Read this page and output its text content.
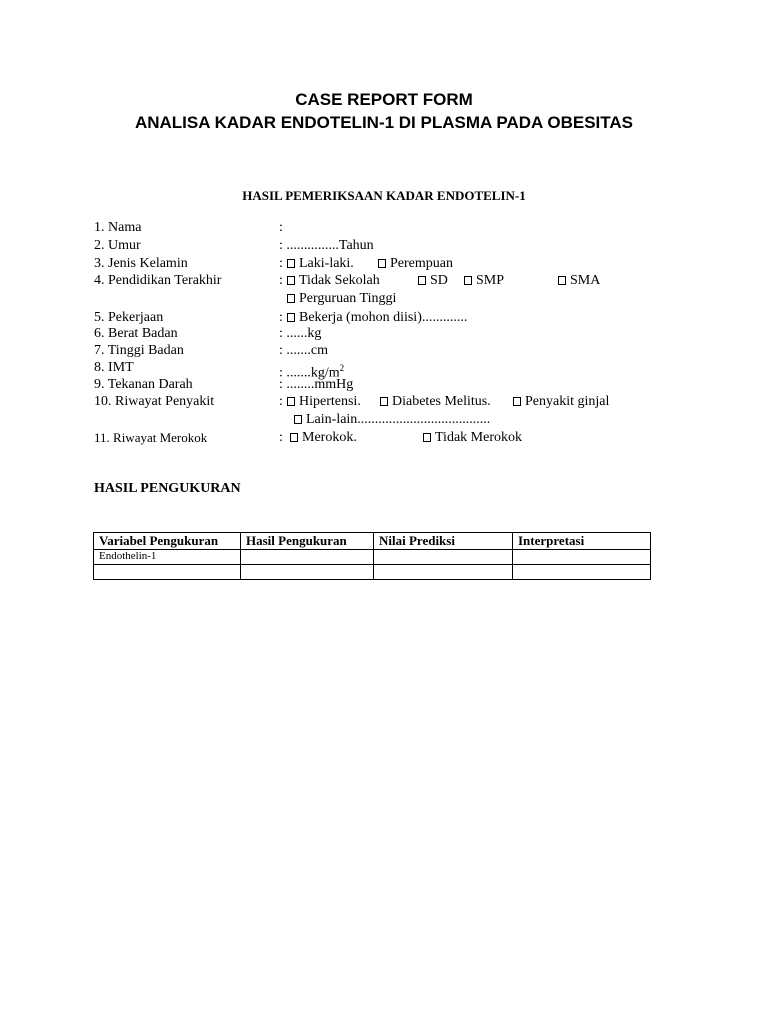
CASE REPORT FORM
ANALISA KADAR ENDOTELIN-1 DI PLASMA PADA OBESITAS
HASIL PEMERIKSAAN KADAR ENDOTELIN-1
1. Nama	:
2. Umur	: ...............Tahun
3. Jenis Kelamin	:	Laki-laki.	Perempuan
4. Pendidikan Terakhir	:	Tidak Sekolah	SD	SMP	SMA
Perguruan Tinggi
5. Pekerjaan	:	Bekerja (mohon diisi).............
6. Berat Badan	: ......kg
7. Tinggi Badan	: .......cm
8. IMT	: $.......kg/m^2$
9. Tekanan Darah	: ........mmHg
10. Riwayat Penyakit	:	Hipertensi.	Diabetes Melitus.	Penyakit ginjal
Lain-lain......................................
11. Riwayat Merokok	:	Merokok.	Tidak Merokok
HASIL PENGUKURAN
Variabel Pengukuran	Hasil Pengukuran	Nilai Prediksi	Interpretasi
Endothelin-1			
